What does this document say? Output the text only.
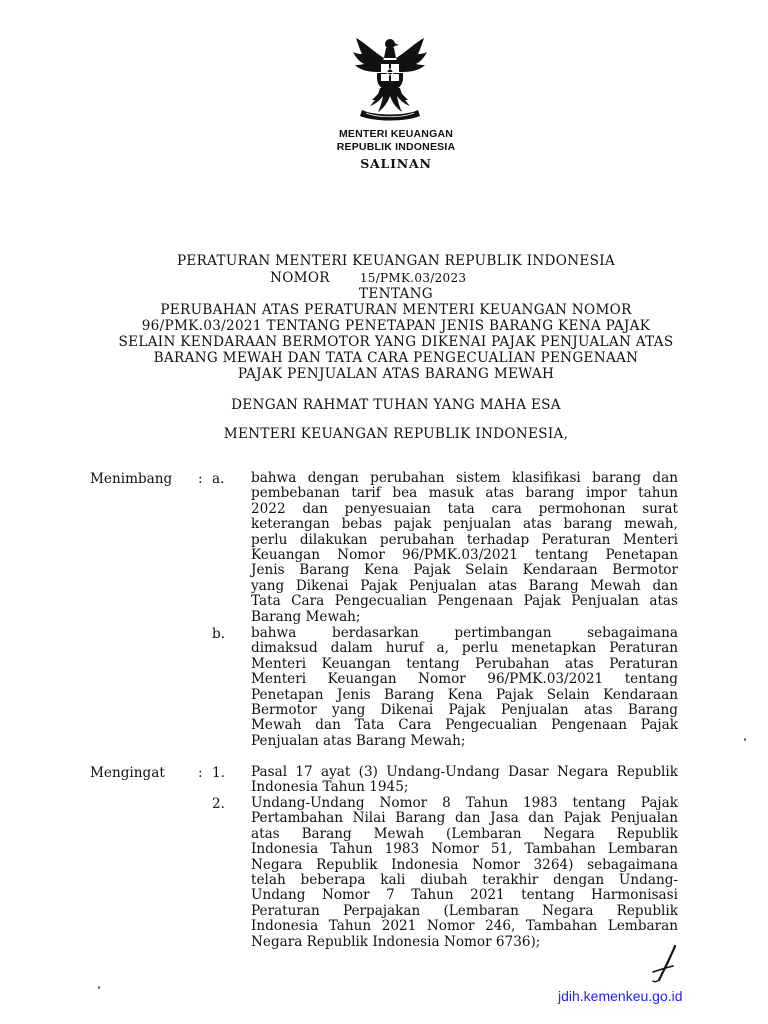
MENTERI KEUANGAN
REPUBLIK INDONESIA
SALINAN
PERATURAN MENTERI KEUANGAN REPUBLIK INDONESIA
NOMOR	15/PMK.03/2023
TENTANG
PERUBAHAN ATAS PERATURAN MENTERI KEUANGAN NOMOR
96/PMK.03/2021 TENTANG PENETAPAN JENIS BARANG KENA PAJAK
SELAIN KENDARAAN BERMOTOR YANG DIKENAI PAJAK PENJUALAN ATAS
BARANG MEWAH DAN TATA CARA PENGECUALIAN PENGENAAN
PAJAK PENJUALAN ATAS BARANG MEWAH
DENGAN RAHMAT TUHAN YANG MAHA ESA
MENTERI KEUANGAN REPUBLIK INDONESIA,
Menimbang : a. bahwa dengan perubahan sistem klasifikasi barang dan
pembebanan tarif bea masuk atas barang impor tahun
2022 dan penyesuaian tata cara permohonan surat
keterangan bebas pajak penjualan atas barang mewah,
perlu dilakukan perubahan terhadap Peraturan Menteri
Keuangan Nomor 96/PMK.03/2021 tentang Penetapan
Jenis Barang Kena Pajak Selain Kendaraan Bermotor
yang Dikenai Pajak Penjualan atas Barang Mewah dan
Tata Cara Pengecualian Pengenaan Pajak Penjualan atas
Barang Mewah;
b. bahwa berdasarkan pertimbangan sebagaimana
dimaksud dalam huruf a, perlu menetapkan Peraturan
Menteri Keuangan tentang Perubahan atas Peraturan
Menteri Keuangan Nomor 96/PMK.03/2021 tentang
Penetapan Jenis Barang Kena Pajak Selain Kendaraan
Bermotor yang Dikenai Pajak Penjualan atas Barang
Mewah dan Tata Cara Pengecualian Pengenaan Pajak
Penjualan atas Barang Mewah;
Mengingat : 1. Pasal 17 ayat (3) Undang-Undang Dasar Negara Republik
Indonesia Tahun 1945;
2. Undang-Undang Nomor 8 Tahun 1983 tentang Pajak
Pertambahan Nilai Barang dan Jasa dan Pajak Penjualan
atas Barang Mewah (Lembaran Negara Republik
Indonesia Tahun 1983 Nomor 51, Tambahan Lembaran
Negara Republik Indonesia Nomor 3264) sebagaimana
telah beberapa kali diubah terakhir dengan Undang-
Undang Nomor 7 Tahun 2021 tentang Harmonisasi
Peraturan Perpajakan (Lembaran Negara Republik
Indonesia Tahun 2021 Nomor 246, Tambahan Lembaran
Negara Republik Indonesia Nomor 6736);
jdih.kemenkeu.go.id
